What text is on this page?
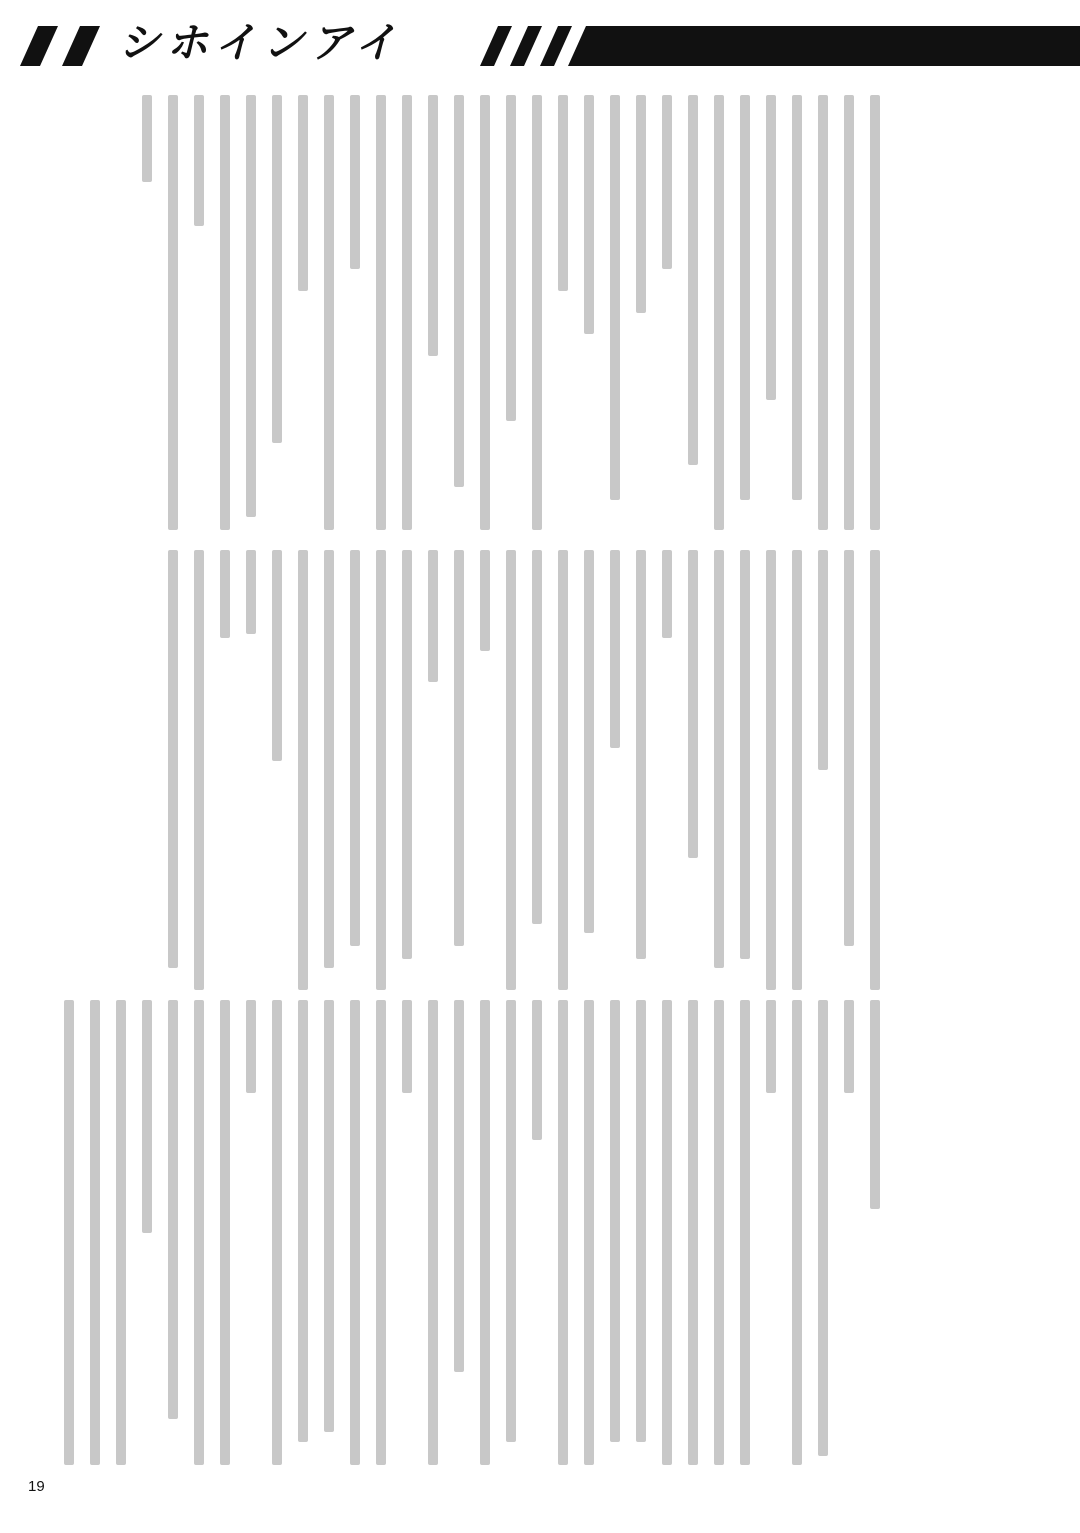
シホインアイ
19
